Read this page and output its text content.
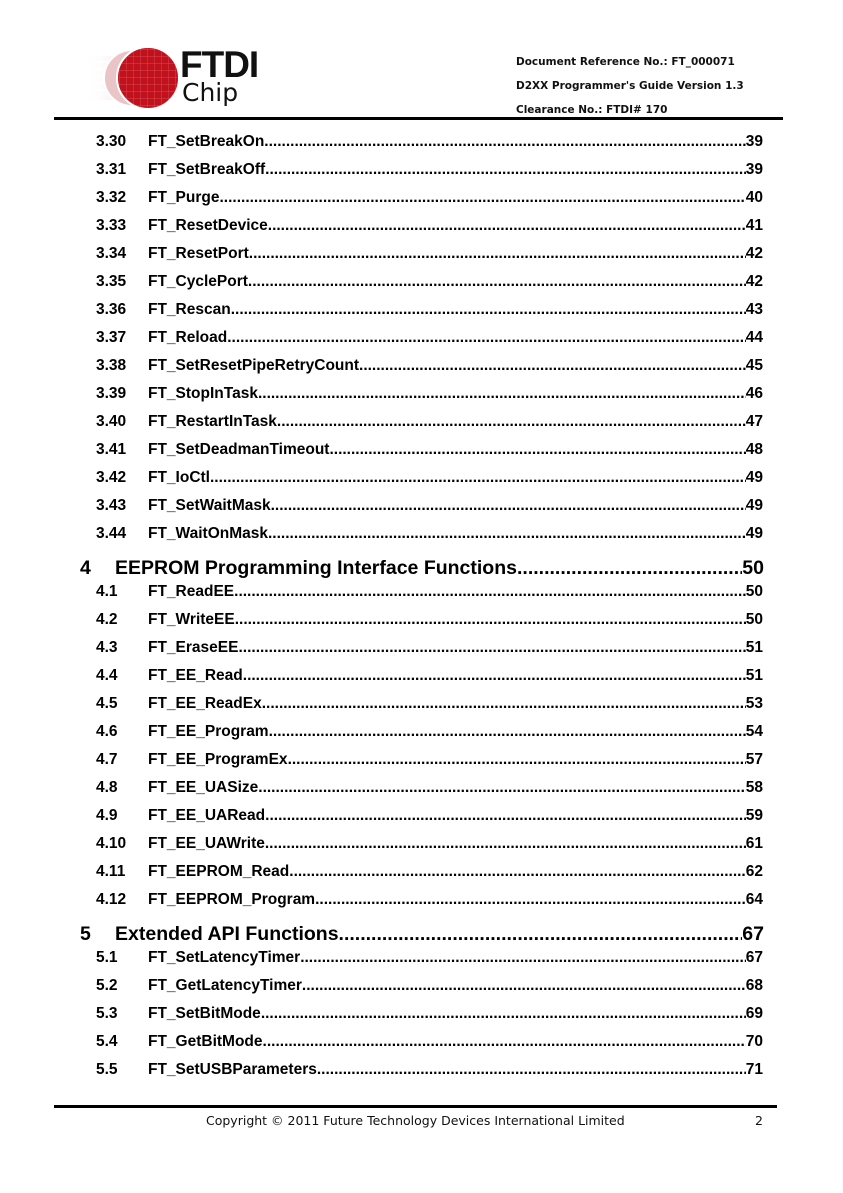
FTDI
Chip
Document Reference No.: FT_000071
D2XX Programmer's Guide Version 1.3
Clearance No.: FTDI# 170
3.30	FT_SetBreakOn .....	39
3.31	FT_SetBreakOff .....	39
3.32	FT_Purge .....	40
3.33	FT_ResetDevice .....	41
3.34	FT_ResetPort .....	42
3.35	FT_CyclePort .....	42
3.36	FT_Rescan .....	43
3.37	FT_Reload .....	44
3.38	FT_SetResetPipeRetryCount .....	45
3.39	FT_StopInTask .....	46
3.40	FT_RestartInTask .....	47
3.41	FT_SetDeadmanTimeout .....	48
3.42	FT_IoCtl .....	49
3.43	FT_SetWaitMask .....	49
3.44	FT_WaitOnMask .....	49
4	EEPROM Programming Interface Functions .....	50
4.1	FT_ReadEE .....	50
4.2	FT_WriteEE .....	50
4.3	FT_EraseEE .....	51
4.4	FT_EE_Read .....	51
4.5	FT_EE_ReadEx .....	53
4.6	FT_EE_Program .....	54
4.7	FT_EE_ProgramEx .....	57
4.8	FT_EE_UASize .....	58
4.9	FT_EE_UARead .....	59
4.10	FT_EE_UAWrite .....	61
4.11	FT_EEPROM_Read .....	62
4.12	FT_EEPROM_Program .....	64
5	Extended API Functions .....	67
5.1	FT_SetLatencyTimer .....	67
5.2	FT_GetLatencyTimer .....	68
5.3	FT_SetBitMode .....	69
5.4	FT_GetBitMode .....	70
5.5	FT_SetUSBParameters .....	71
Copyright © 2011 Future Technology Devices International Limited	2
